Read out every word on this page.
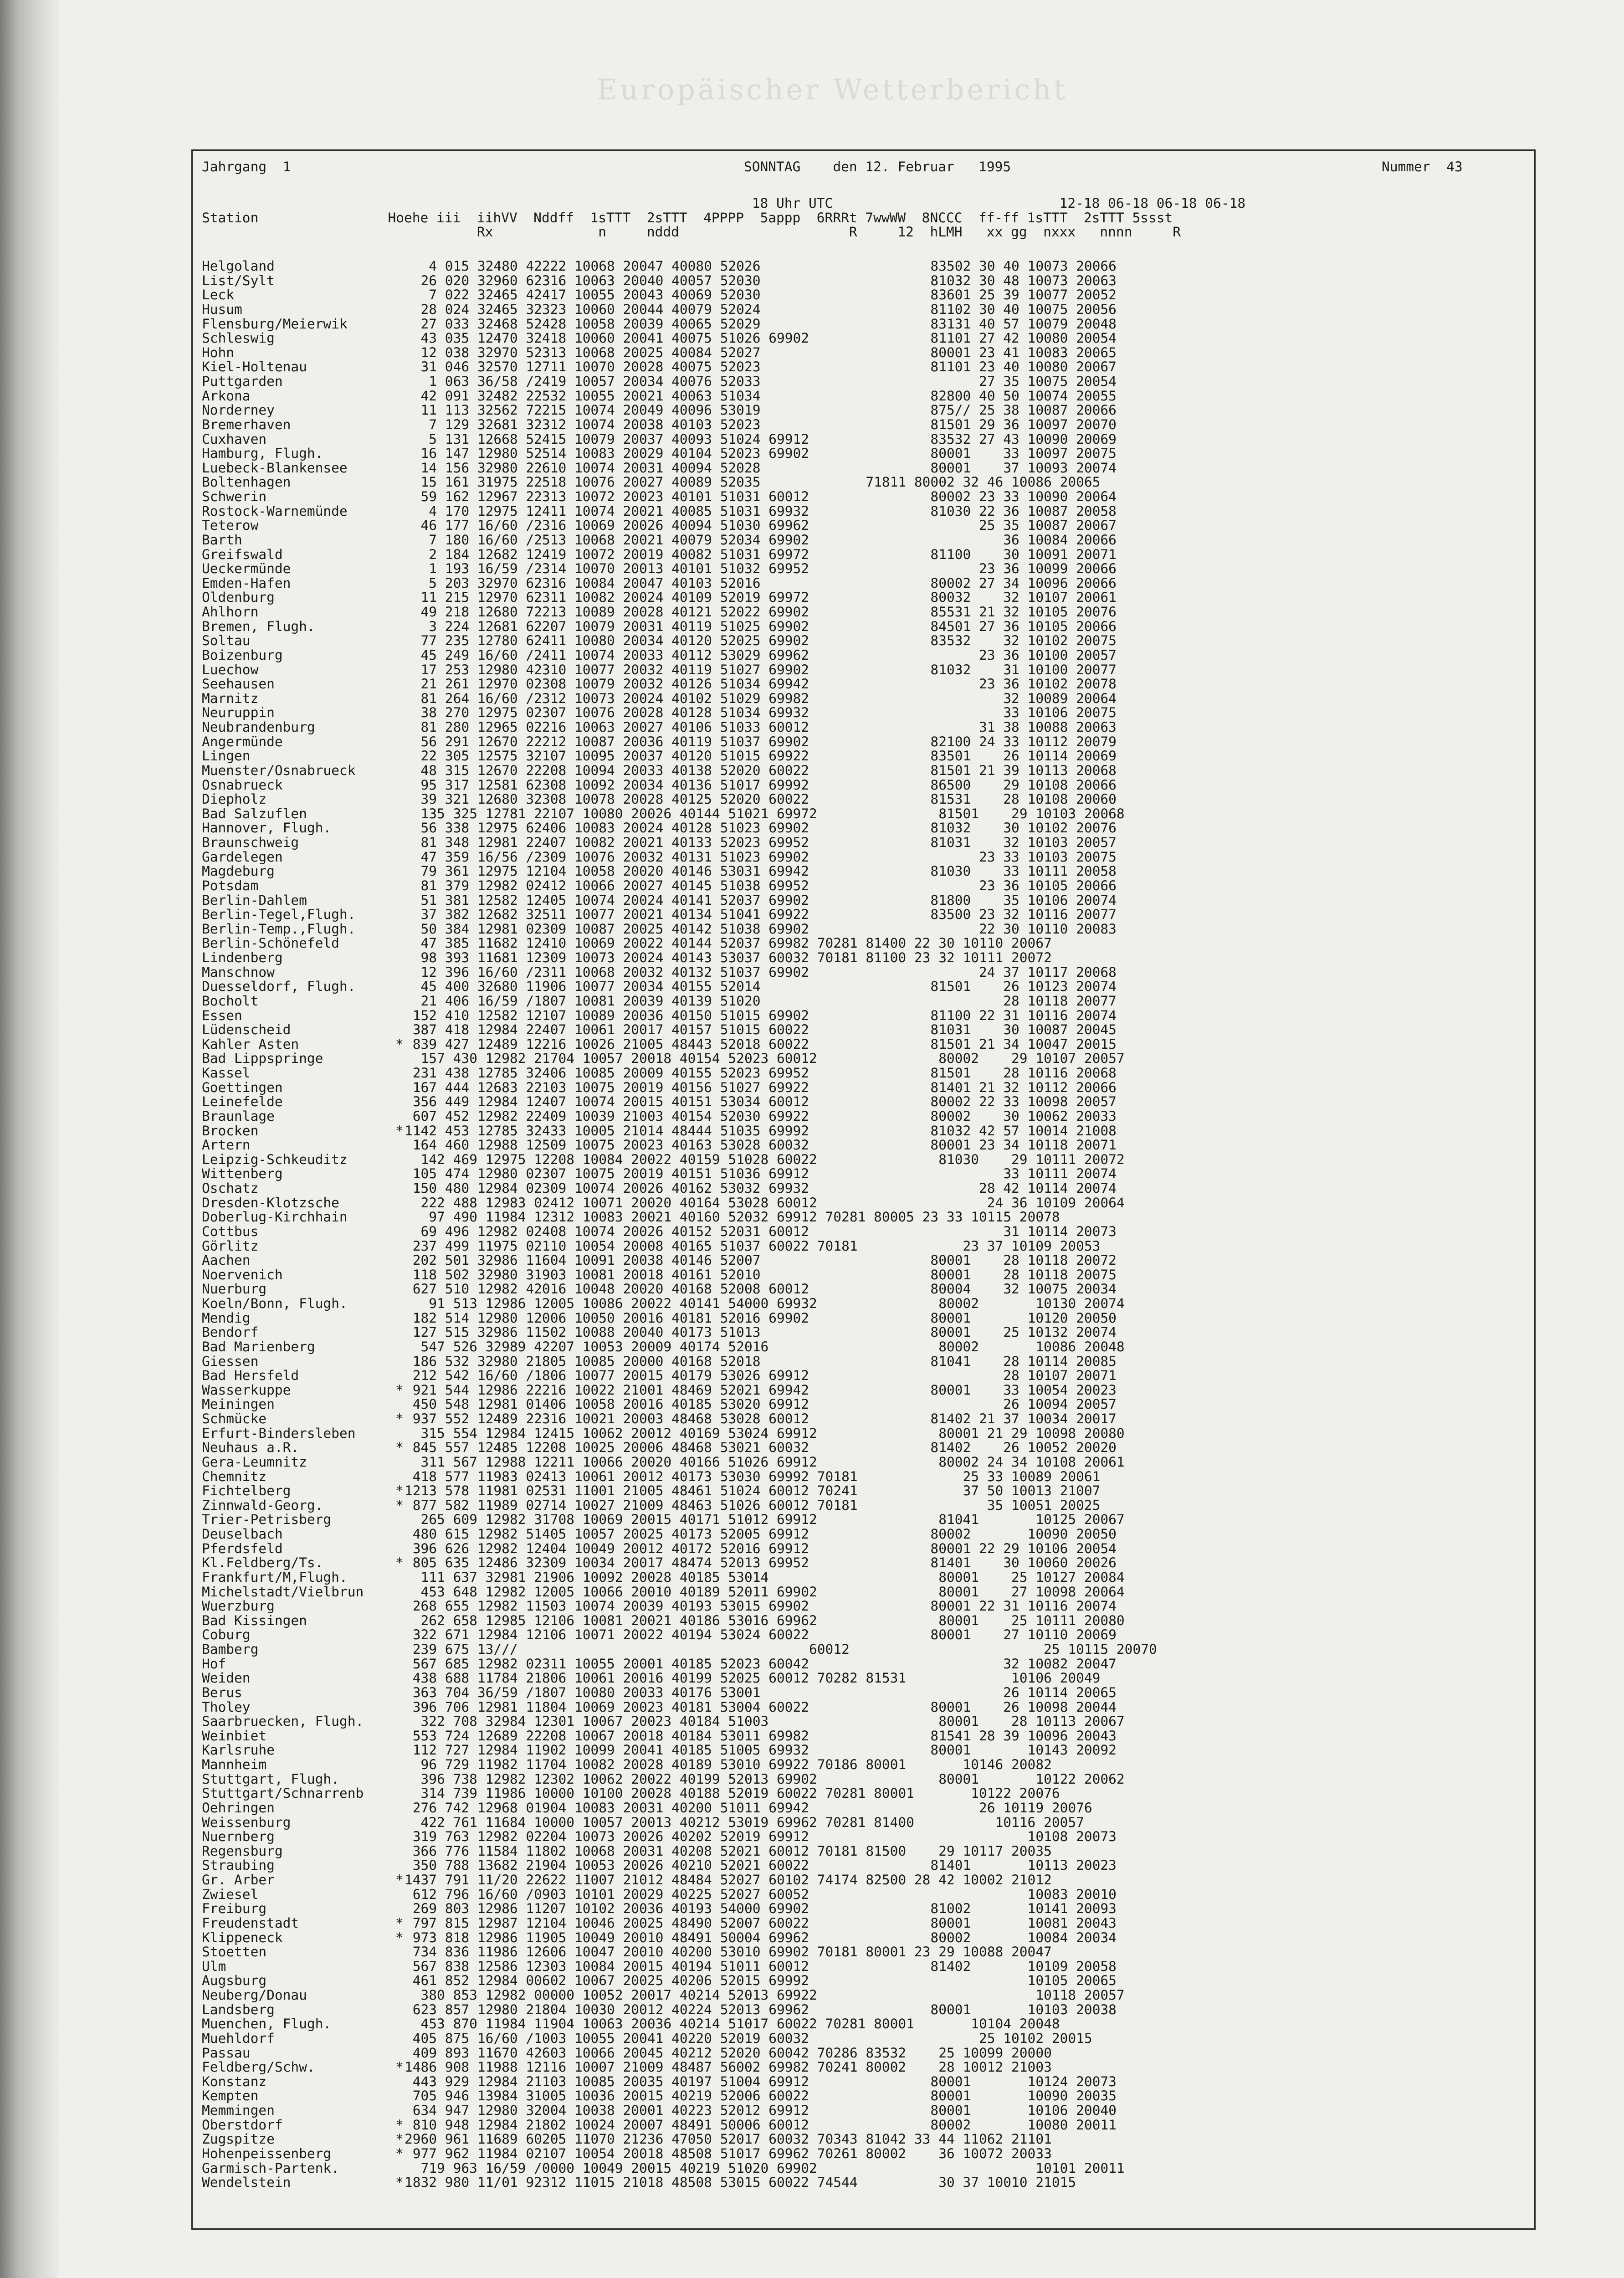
Europäischer Wetterbericht
Jahrgang  1	SONNTAG    den 12. Februar   1995	Nummer  43
18 Uhr UTC                            12-18 06-18 06-18 06-18
Station                Hoehe iii  iihVV  Nddff  1sTTT  2sTTT  4PPPP  5appp  6RRRt 7wwWW  8NCCC  ff-ff 1sTTT  2sTTT 5ssst
Rx             n     nddd                     R     12  hLMH   xx gg  nxxx   nnnn     R
Helgoland	4 015 32480 42222 10068 20047 40080 52026                     83502 30 40 10073 20066
List/Sylt	26 020 32960 62316 10063 20040 40057 52030                     81032 30 48 10073 20063
Leck	7 022 32465 42417 10055 20043 40069 52030                     83601 25 39 10077 20052
Husum	28 024 32465 32323 10060 20044 40079 52024                     81102 30 40 10075 20056
Flensburg/Meierwik	27 033 32468 52428 10058 20039 40065 52029                     83131 40 57 10079 20048
Schleswig	43 035 12470 32418 10060 20041 40075 51026 69902               81101 27 42 10080 20054
Hohn	12 038 32970 52313 10068 20025 40084 52027                     80001 23 41 10083 20065
Kiel-Holtenau	31 046 32570 12711 10070 20028 40075 52023                     81101 23 40 10080 20067
Puttgarden	1 063 36/58 /2419 10057 20034 40076 52033                           27 35 10075 20054
Arkona	42 091 32482 22532 10055 20021 40063 51034                     82800 40 50 10074 20055
Norderney	11 113 32562 72215 10074 20049 40096 53019                     875// 25 38 10087 20066
Bremerhaven	7 129 32681 32312 10074 20038 40103 52023                     81501 29 36 10097 20070
Cuxhaven	5 131 12668 52415 10079 20037 40093 51024 69912               83532 27 43 10090 20069
Hamburg, Flugh.	16 147 12980 52514 10083 20029 40104 52023 69902               80001    33 10097 20075
Luebeck-Blankensee	14 156 32980 22610 10074 20031 40094 52028                     80001    37 10093 20074
Boltenhagen	15 161 31975 22518 10076 20027 40089 52035             71811 80002 32 46 10086 20065
Schwerin	59 162 12967 22313 10072 20023 40101 51031 60012               80002 23 33 10090 20064
Rostock-Warnemünde	4 170 12975 12411 10074 20021 40085 51031 69932               81030 22 36 10087 20058
Teterow	46 177 16/60 /2316 10069 20026 40094 51030 69962                     25 35 10087 20067
Barth	7 180 16/60 /2513 10068 20021 40079 52034 69902                        36 10084 20066
Greifswald	2 184 12682 12419 10072 20019 40082 51031 69972               81100    30 10091 20071
Ueckermünde	1 193 16/59 /2314 10070 20013 40101 51032 69952                     23 36 10099 20066
Emden-Hafen	5 203 32970 62316 10084 20047 40103 52016                     80002 27 34 10096 20066
Oldenburg	11 215 12970 62311 10082 20024 40109 52019 69972               80032    32 10107 20061
Ahlhorn	49 218 12680 72213 10089 20028 40121 52022 69902               85531 21 32 10105 20076
Bremen, Flugh.	3 224 12681 62207 10079 20031 40119 51025 69902               84501 27 36 10105 20066
Soltau	77 235 12780 62411 10080 20034 40120 52025 69902               83532    32 10102 20075
Boizenburg	45 249 16/60 /2411 10074 20033 40112 53029 69962                     23 36 10100 20057
Luechow	17 253 12980 42310 10077 20032 40119 51027 69902               81032    31 10100 20077
Seehausen	21 261 12970 02308 10079 20032 40126 51034 69942                     23 36 10102 20078
Marnitz	81 264 16/60 /2312 10073 20024 40102 51029 69982                        32 10089 20064
Neuruppin	38 270 12975 02307 10076 20028 40128 51034 69932                        33 10106 20075
Neubrandenburg	81 280 12965 02216 10063 20027 40106 51033 60012                     31 38 10088 20063
Angermünde	56 291 12670 22212 10087 20036 40119 51037 69902               82100 24 33 10112 20079
Lingen	22 305 12575 32107 10095 20037 40120 51015 69922               83501    26 10114 20069
Muenster/Osnabrueck	48 315 12670 22208 10094 20033 40138 52020 60022               81501 21 39 10113 20068
Osnabrueck	95 317 12581 62308 10092 20034 40136 51017 69992               86500    29 10108 20066
Diepholz	39 321 12680 32308 10078 20028 40125 52020 60022               81531    28 10108 20060
Bad Salzuflen	135 325 12781 22107 10080 20026 40144 51021 69972               81501    29 10103 20068
Hannover, Flugh.	56 338 12975 62406 10083 20024 40128 51023 69902               81032    30 10102 20076
Braunschweig	81 348 12981 22407 10082 20021 40133 52023 69952               81031    32 10103 20057
Gardelegen	47 359 16/56 /2309 10076 20032 40131 51023 69902                     23 33 10103 20075
Magdeburg	79 361 12975 12104 10058 20020 40146 53031 69942               81030    33 10111 20058
Potsdam	81 379 12982 02412 10066 20027 40145 51038 69952                     23 36 10105 20066
Berlin-Dahlem	51 381 12582 12405 10074 20024 40141 52037 69902               81800    35 10106 20074
Berlin-Tegel,Flugh.	37 382 12682 32511 10077 20021 40134 51041 69922               83500 23 32 10116 20077
Berlin-Temp.,Flugh.	50 384 12981 02309 10087 20025 40142 51038 69902                     22 30 10110 20083
Berlin-Schönefeld	47 385 11682 12410 10069 20022 40144 52037 69982 70281 81400 22 30 10110 20067
Lindenberg	98 393 11681 12309 10073 20024 40143 53037 60032 70181 81100 23 32 10111 20072
Manschnow	12 396 16/60 /2311 10068 20032 40132 51037 69902                     24 37 10117 20068
Duesseldorf, Flugh.	45 400 32680 11906 10077 20034 40155 52014                     81501    26 10123 20074
Bocholt	21 406 16/59 /1807 10081 20039 40139 51020                              28 10118 20077
Essen	152 410 12582 12107 10089 20036 40150 51015 69902               81100 22 31 10116 20074
Lüdenscheid	387 418 12984 22407 10061 20017 40157 51015 60022               81031    30 10087 20045
Kahler Asten	* 839 427 12489 12216 10026 21005 48443 52018 60022               81501 21 34 10047 20015
Bad Lippspringe	157 430 12982 21704 10057 20018 40154 52023 60012               80002    29 10107 20057
Kassel	231 438 12785 32406 10085 20009 40155 52023 69952               81501    28 10116 20068
Goettingen	167 444 12683 22103 10075 20019 40156 51027 69922               81401 21 32 10112 20066
Leinefelde	356 449 12984 12407 10074 20015 40151 53034 60012               80002 22 33 10098 20057
Braunlage	607 452 12982 22409 10039 21003 40154 52030 69922               80002    30 10062 20033
Brocken	* 1142 453 12785 32433 10005 21014 48444 51035 69992               81032 42 57 10014 21008
Artern	164 460 12988 12509 10075 20023 40163 53028 60032               80001 23 34 10118 20071
Leipzig-Schkeuditz	142 469 12975 12208 10084 20022 40159 51028 60022               81030    29 10111 20072
Wittenberg	105 474 12980 02307 10075 20019 40151 51036 69912                        33 10111 20074
Oschatz	150 480 12984 02309 10074 20026 40162 53032 69932                     28 42 10114 20074
Dresden-Klotzsche	222 488 12983 02412 10071 20020 40164 53028 60012                     24 36 10109 20064
Doberlug-Kirchhain	97 490 11984 12312 10083 20021 40160 52032 69912 70281 80005 23 33 10115 20078
Cottbus	69 496 12982 02408 10074 20026 40152 52031 60012                        31 10114 20073
Görlitz	237 499 11975 02110 10054 20008 40165 51037 60022 70181             23 37 10109 20053
Aachen	202 501 32986 11604 10091 20038 40146 52007                     80001    28 10118 20072
Noervenich	118 502 32980 31903 10081 20018 40161 52010                     80001    28 10118 20075
Nuerburg	627 510 12982 42016 10048 20020 40168 52008 60012               80004    32 10075 20034
Koeln/Bonn, Flugh.	91 513 12986 12005 10086 20022 40141 54000 69932               80002       10130 20074
Mendig	182 514 12980 12006 10050 20016 40181 52016 69902               80001       10120 20050
Bendorf	127 515 32986 11502 10088 20040 40173 51013                     80001    25 10132 20074
Bad Marienberg	547 526 32989 42207 10053 20009 40174 52016                     80002       10086 20048
Giessen	186 532 32980 21805 10085 20000 40168 52018                     81041    28 10114 20085
Bad Hersfeld	212 542 16/60 /1806 10077 20015 40179 53026 69912                        28 10107 20071
Wasserkuppe	* 921 544 12986 22216 10022 21001 48469 52021 69942               80001    33 10054 20023
Meiningen	450 548 12981 01406 10058 20016 40185 53020 69912                        26 10094 20057
Schmücke	* 937 552 12489 22316 10021 20003 48468 53028 60012               81402 21 37 10034 20017
Erfurt-Bindersleben	315 554 12984 12415 10062 20012 40169 53024 69912               80001 21 29 10098 20080
Neuhaus a.R.	* 845 557 12485 12208 10025 20006 48468 53021 60032               81402    26 10052 20020
Gera-Leumnitz	311 567 12988 12211 10066 20020 40166 51026 69912               80002 24 34 10108 20061
Chemnitz	418 577 11983 02413 10061 20012 40173 53030 69992 70181             25 33 10089 20061
Fichtelberg	* 1213 578 11981 02531 11001 21005 48461 51024 60012 70241             37 50 10013 21007
Zinnwald-Georg.	* 877 582 11989 02714 10027 21009 48463 51026 60012 70181                35 10051 20025
Trier-Petrisberg	265 609 12982 31708 10069 20015 40171 51012 69912               81041       10125 20067
Deuselbach	480 615 12982 51405 10057 20025 40173 52005 69912               80002       10090 20050
Pferdsfeld	396 626 12982 12404 10049 20012 40172 52016 69912               80001 22 29 10106 20054
Kl.Feldberg/Ts.	* 805 635 12486 32309 10034 20017 48474 52013 69952               81401    30 10060 20026
Frankfurt/M,Flugh.	111 637 32981 21906 10092 20028 40185 53014                     80001    25 10127 20084
Michelstadt/Vielbrun	453 648 12982 12005 10066 20010 40189 52011 69902               80001    27 10098 20064
Wuerzburg	268 655 12982 11503 10074 20039 40193 53015 69902               80001 22 31 10116 20074
Bad Kissingen	262 658 12985 12106 10081 20021 40186 53016 69962               80001    25 10111 20080
Coburg	322 671 12984 12106 10071 20022 40194 53024 60022               80001    27 10110 20069
Bamberg	239 675 13///                                    60012                        25 10115 20070
Hof	567 685 12982 02311 10055 20001 40185 52023 60042                        32 10082 20047
Weiden	438 688 11784 21806 10061 20016 40199 52025 60012 70282 81531             10106 20049
Berus	363 704 36/59 /1807 10080 20033 40176 53001                              26 10114 20065
Tholey	396 706 12981 11804 10069 20023 40181 53004 60022               80001    26 10098 20044
Saarbruecken, Flugh.	322 708 32984 12301 10067 20023 40184 51003                     80001    28 10113 20067
Weinbiet	553 724 12689 22208 10067 20018 40184 53011 69982               81541 28 39 10096 20043
Karlsruhe	112 727 12984 11902 10099 20041 40185 51005 69932               80001       10143 20092
Mannheim	96 729 11982 11704 10082 20028 40189 53010 69922 70186 80001       10146 20082
Stuttgart, Flugh.	396 738 12982 12302 10062 20022 40199 52013 69902               80001       10122 20062
Stuttgart/Schnarrenb	314 739 11986 10000 10100 20028 40188 52019 60022 70281 80001       10122 20076
Oehringen	276 742 12968 01904 10083 20031 40200 51011 69942                     26 10119 20076
Weissenburg	422 761 11684 10000 10057 20013 40212 53019 69962 70281 81400          10116 20057
Nuernberg	319 763 12982 02204 10073 20026 40202 52019 69912                           10108 20073
Regensburg	366 776 11584 11802 10068 20031 40208 52021 60012 70181 81500    29 10117 20035
Straubing	350 788 13682 21904 10053 20026 40210 52021 60022               81401       10113 20023
Gr. Arber	* 1437 791 11/20 22622 11007 21012 48484 52027 60102 74174 82500 28 42 10002 21012
Zwiesel	612 796 16/60 /0903 10101 20029 40225 52027 60052                           10083 20010
Freiburg	269 803 12986 11207 10102 20036 40193 54000 69902               81002       10141 20093
Freudenstadt	* 797 815 12987 12104 10046 20025 48490 52007 60022               80001       10081 20043
Klippeneck	* 973 818 12986 11905 10049 20010 48491 50004 69962               80002       10084 20034
Stoetten	734 836 11986 12606 10047 20010 40200 53010 69902 70181 80001 23 29 10088 20047
Ulm	567 838 12586 12303 10084 20015 40194 51011 60012               81402       10109 20058
Augsburg	461 852 12984 00602 10067 20025 40206 52015 69992                           10105 20065
Neuberg/Donau	380 853 12982 00000 10052 20017 40214 52013 69922                           10118 20057
Landsberg	623 857 12980 21804 10030 20012 40224 52013 69962               80001       10103 20038
Muenchen, Flugh.	453 870 11984 11904 10063 20036 40214 51017 60022 70281 80001       10104 20048
Muehldorf	405 875 16/60 /1003 10055 20041 40220 52019 60032                     25 10102 20015
Passau	409 893 11670 42603 10066 20045 40212 52020 60042 70286 83532    25 10099 20000
Feldberg/Schw.	* 1486 908 11988 12116 10007 21009 48487 56002 69982 70241 80002    28 10012 21003
Konstanz	443 929 12984 21103 10085 20035 40197 51004 69912               80001       10124 20073
Kempten	705 946 13984 31005 10036 20015 40219 52006 60022               80001       10090 20035
Memmingen	634 947 12980 32004 10038 20001 40223 52012 69912               80001       10106 20040
Oberstdorf	* 810 948 12984 21802 10024 20007 48491 50006 60012               80002       10080 20011
Zugspitze	* 2960 961 11689 60205 11070 21236 47050 52017 60032 70343 81042 33 44 11062 21101
Hohenpeissenberg	* 977 962 11984 02107 10054 20018 48508 51017 69962 70261 80002    36 10072 20033
Garmisch-Partenk.	719 963 16/59 /0000 10049 20015 40219 51020 69902                           10101 20011
Wendelstein	* 1832 980 11/01 92312 11015 21018 48508 53015 60022 74544          30 37 10010 21015
